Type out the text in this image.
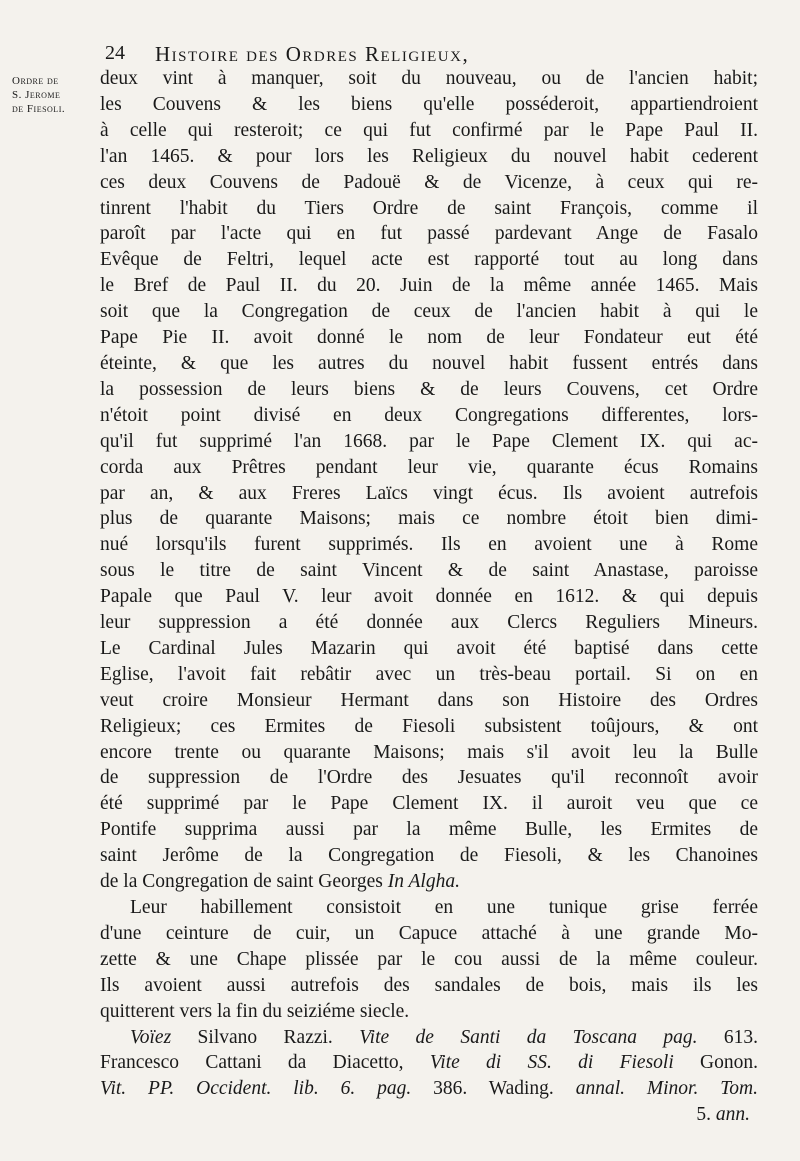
24 Histoire des Ordres Religieux,
Ordre de
S. Jerome
de Fiesoli.

deux vint à manquer, soit du nouveau, ou de l'ancien habit;
les Couvens & les biens qu'elle posséderoit, appartiendroient
à celle qui resteroit; ce qui fut confirmé par le Pape Paul II.
l'an 1465. & pour lors les Religieux du nouvel habit cederent
ces deux Couvens de Padouë & de Vicenze, à ceux qui re-
tinrent l'habit du Tiers Ordre de saint François, comme il
paroît par l'acte qui en fut passé pardevant Ange de Fasalo
Evêque de Feltri, lequel acte est rapporté tout au long dans
le Bref de Paul II. du 20. Juin de la même année 1465. Mais
soit que la Congregation de ceux de l'ancien habit à qui le
Pape Pie II. avoit donné le nom de leur Fondateur eut été
éteinte, & que les autres du nouvel habit fussent entrés dans
la possession de leurs biens & de leurs Couvens, cet Ordre
n'étoit point divisé en deux Congregations differentes, lors-
qu'il fut supprimé l'an 1668. par le Pape Clement IX. qui ac-
corda aux Prêtres pendant leur vie, quarante écus Romains
par an, & aux Freres Laïcs vingt écus. Ils avoient autrefois
plus de quarante Maisons; mais ce nombre étoit bien dimi-
nué lorsqu'ils furent supprimés. Ils en avoient une à Rome
sous le titre de saint Vincent & de saint Anastase, paroisse
Papale que Paul V. leur avoit donnée en 1612. & qui depuis
leur suppression a été donnée aux Clercs Reguliers Mineurs.
Le Cardinal Jules Mazarin qui avoit été baptisé dans cette
Eglise, l'avoit fait rebâtir avec un très-beau portail. Si on en
veut croire Monsieur Hermant dans son Histoire des Ordres
Religieux; ces Ermites de Fiesoli subsistent toûjours, & ont
encore trente ou quarante Maisons; mais s'il avoit leu la Bulle
de suppression de l'Ordre des Jesuates qu'il reconnoît avoir
été supprimé par le Pape Clement IX. il auroit veu que ce
Pontife supprima aussi par la même Bulle, les Ermites de
saint Jerôme de la Congregation de Fiesoli, & les Chanoines
de la Congregation de saint Georges In Algha.

Leur habillement consistoit en une tunique grise ferrée
d'une ceinture de cuir, un Capuce attaché à une grande Mo-
zette & une Chape plissée par le cou aussi de la même couleur.
Ils avoient aussi autrefois des sandales de bois, mais ils les
quitterent vers la fin du seiziéme siecle.

Voïez Silvano Razzi. Vite de Santi da Toscana pag. 613.
Francesco Cattani da Diacetto, Vite di SS. di Fiesoli Gonon.
Vit. PP. Occident. lib. 6. pag. 386. Wading. annal. Minor. Tom.
5. ann.
